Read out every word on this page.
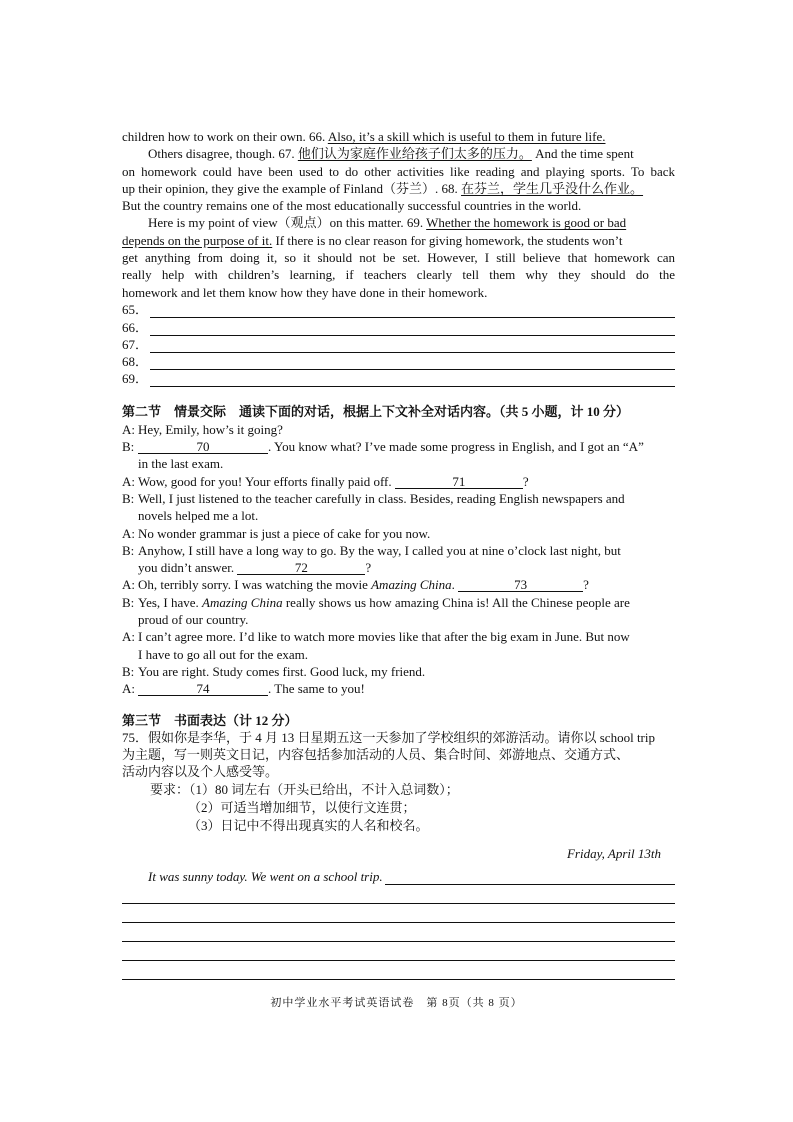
children how to work on their own. 66. Also, it’s a skill which is useful to them in future life.
Others disagree, though. 67. 他们认为家庭作业给孩子们太多的压力。 And the time spent
on homework could have been used to do other activities like reading and playing sports. To back
up their opinion, they give the example of Finland（芬兰）. 68. 在芬兰，学生几乎没什么作业。
But the country remains one of the most educationally successful countries in the world.
Here is my point of view（观点）on this matter. 69. Whether the homework is good or bad
depends on the purpose of it. If there is no clear reason for giving homework, the students won’t
get anything from doing it, so it should not be set. However, I still believe that homework can
really help with children’s learning, if teachers clearly tell them why they should do the
homework and let them know how they have done in their homework.
65．
66．
67．
68．
69．
第二节　情景交际　通读下面的对话，根据上下文补全对话内容。（共 5 小题，计 10 分）
A: Hey, Emily, how’s it going?
B:	70	. You know what? I’ve made some progress in English, and I got an “A”
in the last exam.
A: Wow, good for you! Your efforts finally paid off.	71	?
B: Well, I just listened to the teacher carefully in class. Besides, reading English newspapers and
novels helped me a lot.
A: No wonder grammar is just a piece of cake for you now.
B: Anyhow, I still have a long way to go. By the way, I called you at nine o’clock last night, but
you didn’t answer.	72	?
A: Oh, terribly sorry. I was watching the movie Amazing China.	73	?
B: Yes, I have. Amazing China really shows us how amazing China is! All the Chinese people are
proud of our country.
A: I can’t agree more. I’d like to watch more movies like that after the big exam in June. But now
I have to go all out for the exam.
B: You are right. Study comes first. Good luck, my friend.
A:	74	. The same to you!
第三节　书面表达（计 12 分）
75．假如你是李华，于 4 月 13 日星期五这一天参加了学校组织的郊游活动。请你以 school trip
为主题，写一则英文日记，内容包括参加活动的人员、集合时间、郊游地点、交通方式、
活动内容以及个人感受等。
要求：（1）80 词左右（开头已给出，不计入总词数）；
（2）可适当增加细节，以使行文连贯；
（3）日记中不得出现真实的人名和校名。
Friday, April 13th
It was sunny today. We went on a school trip.
初中学业水平考试英语试卷　第 8页（共 8 页）
